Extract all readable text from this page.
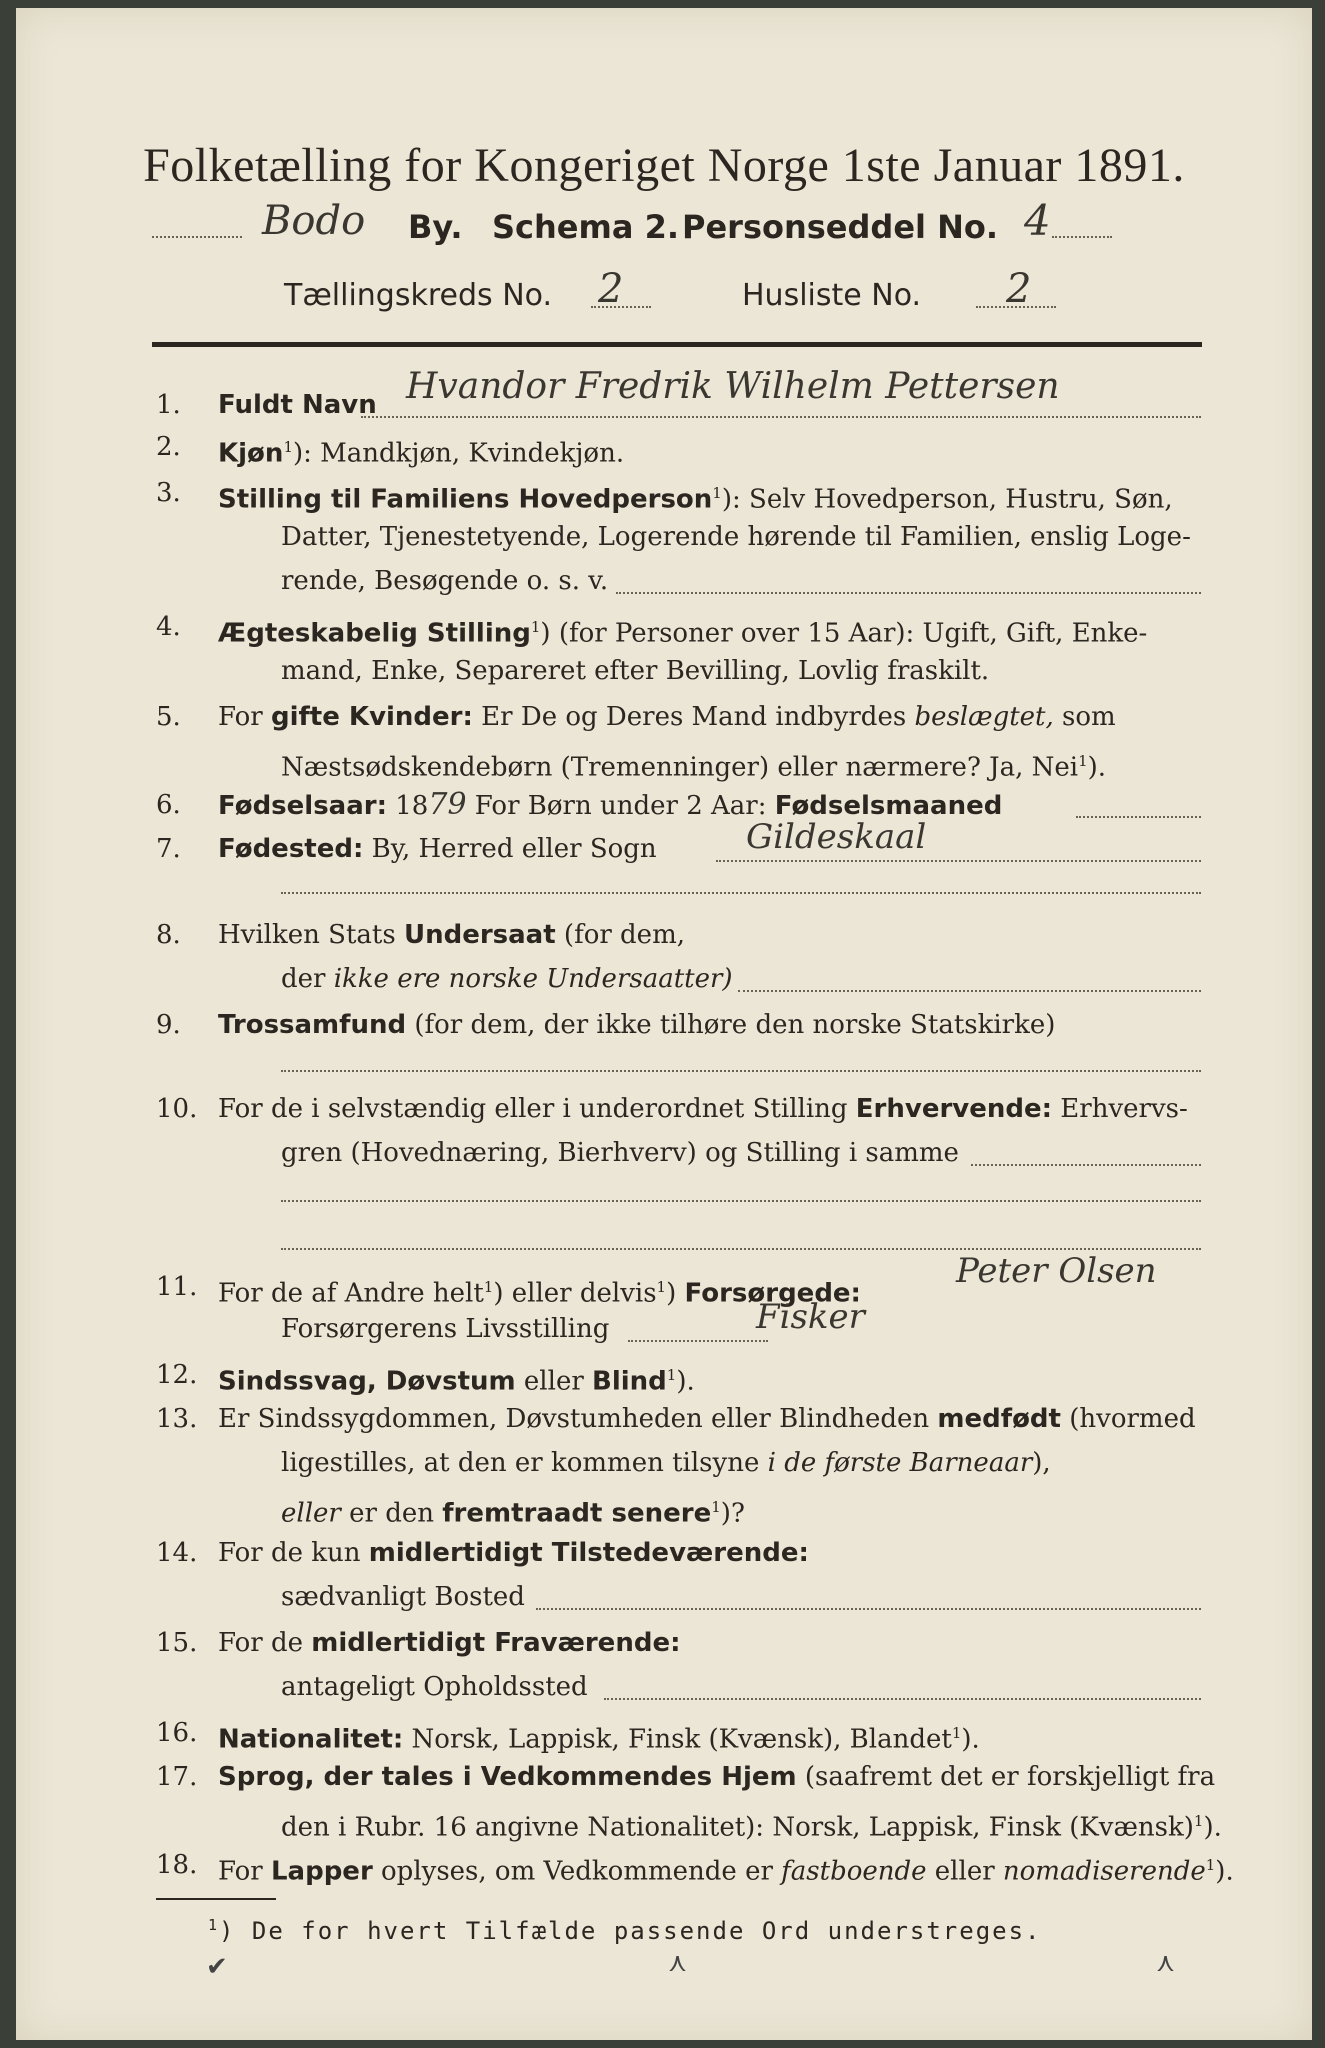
Folketælling for Kongeriget Norge 1ste Januar 1891.
Bodo By. Schema 2. Personseddel No. 4
Tællingskreds No. 2	Husliste No. 2
1. Fuldt Navn Hvandor Fredrik Wilhelm Pettersen
2. Kjøn$^1$): Mandkjøn, Kvindekjøn.
3. Stilling til Familiens Hovedperson$^1$): Selv Hovedperson, Hustru, Søn,
Datter, Tjenestetyende, Logerende hørende til Familien, enslig Loge-
rende, Besøgende o. s. v.
4. Ægteskabelig Stilling$^1$) (for Personer over 15 Aar): Ugift, Gift, Enke-
mand, Enke, Separeret efter Bevilling, Lovlig fraskilt.
5. For gifte Kvinder: Er De og Deres Mand indbyrdes beslægtet, som
Næstsødskendebørn (Tremenninger) eller nærmere? Ja, Nei$^1$).
6. Fødselsaar: 1879 For Børn under 2 Aar: Fødselsmaaned
7. Fødested: By, Herred eller Sogn	Gildeskaal
8. Hvilken Stats Undersaat (for dem,
der ikke ere norske Undersaatter)
9. Trossamfund (for dem, der ikke tilhøre den norske Statskirke)
10. For de i selvstændig eller i underordnet Stilling Erhvervende: Erhvervs-
gren (Hovednæring, Bierhverv) og Stilling i samme
11. For de af Andre helt$^1$) eller delvis$^1$) Forsørgede:
Peter Olsen
Forsørgerens Livsstilling	Fisker
12. Sindssvag, Døvstum eller Blind$^1$).
13. Er Sindssygdommen, Døvstumheden eller Blindheden medfødt (hvormed
ligestilles, at den er kommen tilsyne i de første Barneaar),
eller er den fremtraadt senere$^1$)?
14. For de kun midlertidigt Tilstedeværende:
sædvanligt Bosted
15. For de midlertidigt Fraværende:
antageligt Opholdssted
16. Nationalitet: Norsk, Lappisk, Finsk (Kvænsk), Blandet$^1$).
17. Sprog, der tales i Vedkommendes Hjem (saafremt det er forskjelligt fra
den i Rubr. 16 angivne Nationalitet): Norsk, Lappisk, Finsk (Kvænsk)$^1$).
18. For Lapper oplyses, om Vedkommende er fastboende eller nomadiserende$^1$).
$^1$) De for hvert Tilfælde passende Ord understreges.
✔	⋏	⋏
